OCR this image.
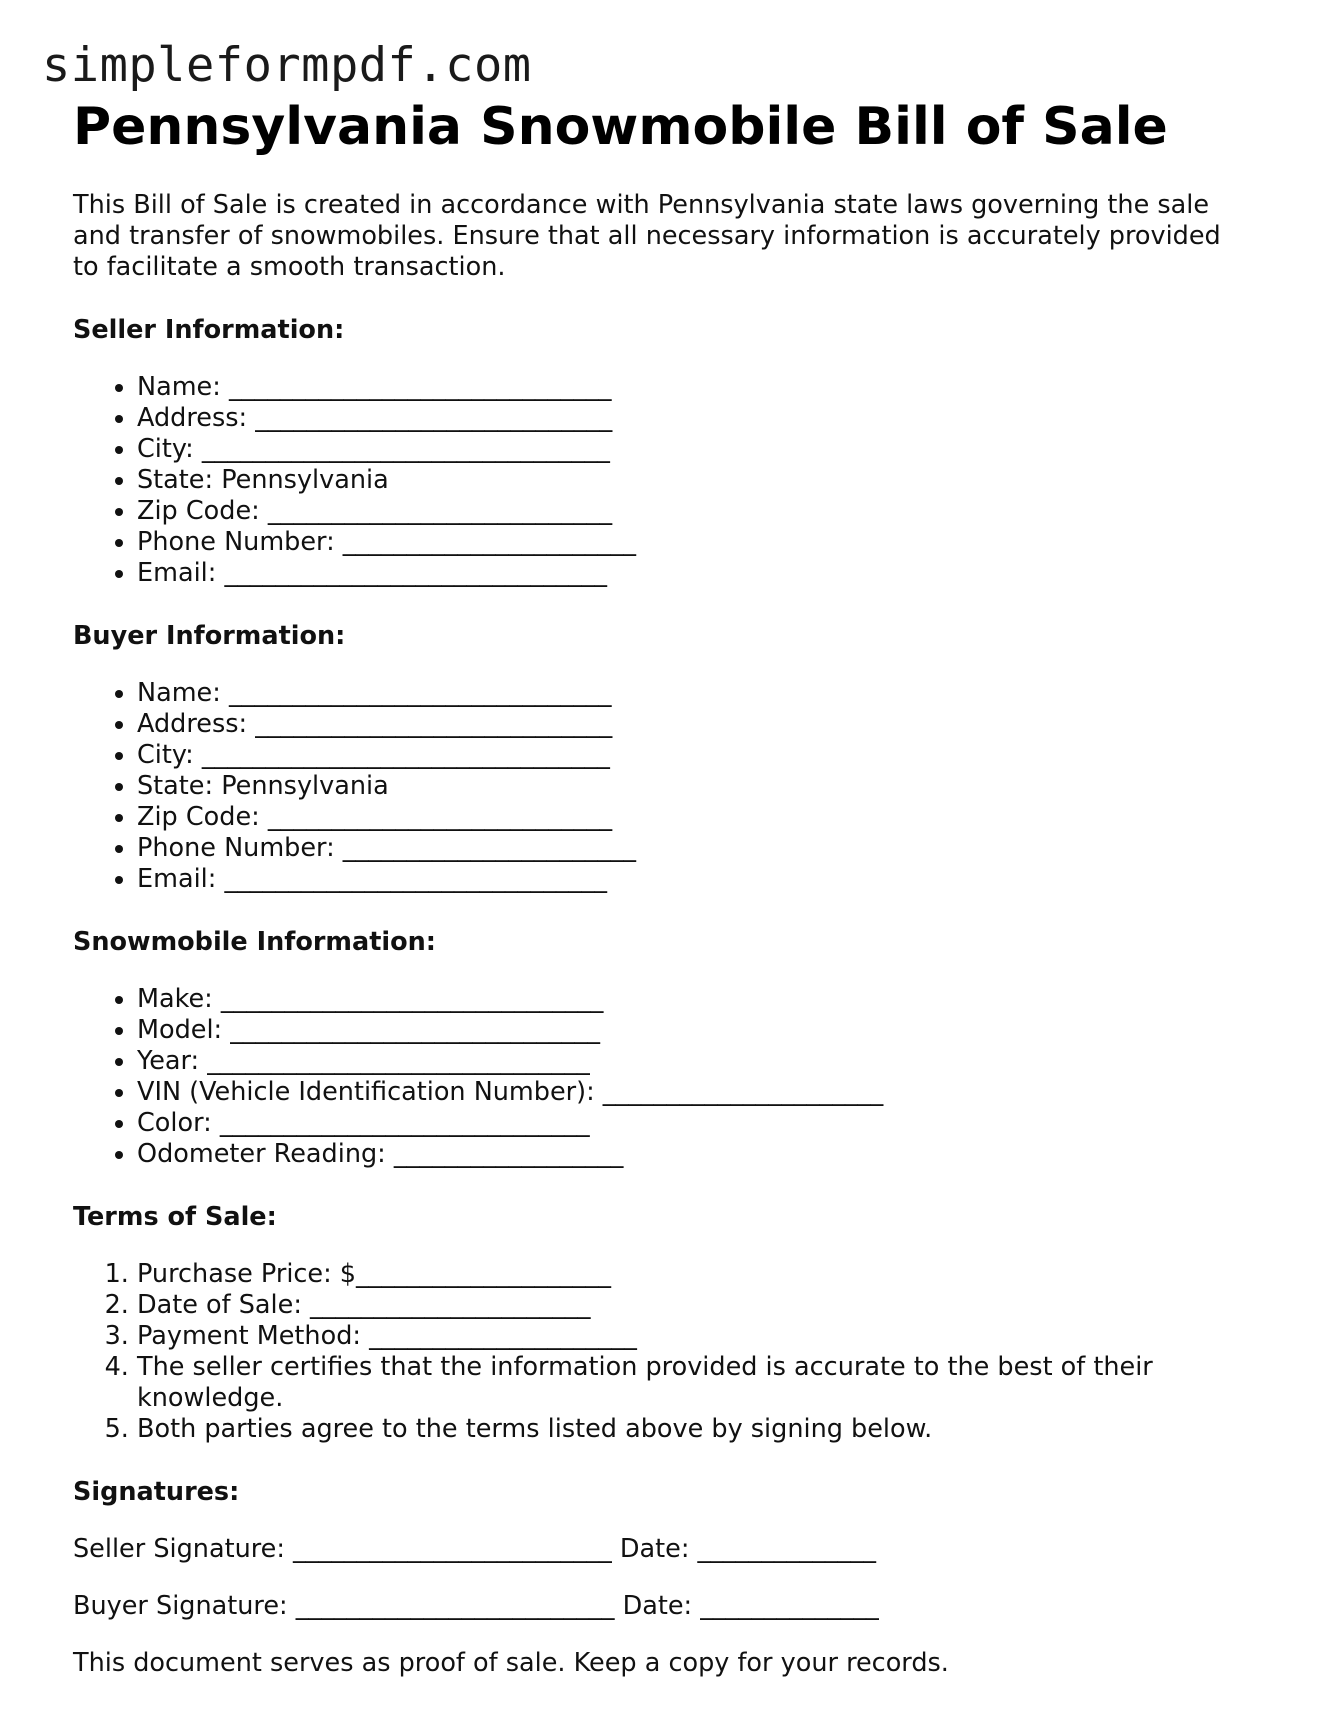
simpleformpdf.com
Pennsylvania Snowmobile Bill of Sale

This Bill of Sale is created in accordance with Pennsylvania state laws governing the sale and transfer of snowmobiles. Ensure that all necessary information is accurately provided to facilitate a smooth transaction.

Seller Information:
• Name: ______________________________
• Address: ____________________________
• City: ________________________________
• State: Pennsylvania
• Zip Code: ___________________________
• Phone Number: _______________________
• Email: ______________________________
Buyer Information:
• Name: ______________________________
• Address: ____________________________
• City: ________________________________
• State: Pennsylvania
• Zip Code: ___________________________
• Phone Number: _______________________
• Email: ______________________________
Snowmobile Information:
• Make: ______________________________
• Model: _____________________________
• Year: ______________________________
• VIN (Vehicle Identification Number): ______________________
• Color: _____________________________
• Odometer Reading: __________________
Terms of Sale:
1. Purchase Price: $____________________
2. Date of Sale: ______________________
3. Payment Method: _____________________
4. The seller certifies that the information provided is accurate to the best of their knowledge.
5. Both parties agree to the terms listed above by signing below.
Signatures:

Seller Signature: _________________________ Date: ______________

Buyer Signature: _________________________ Date: ______________

This document serves as proof of sale. Keep a copy for your records.
